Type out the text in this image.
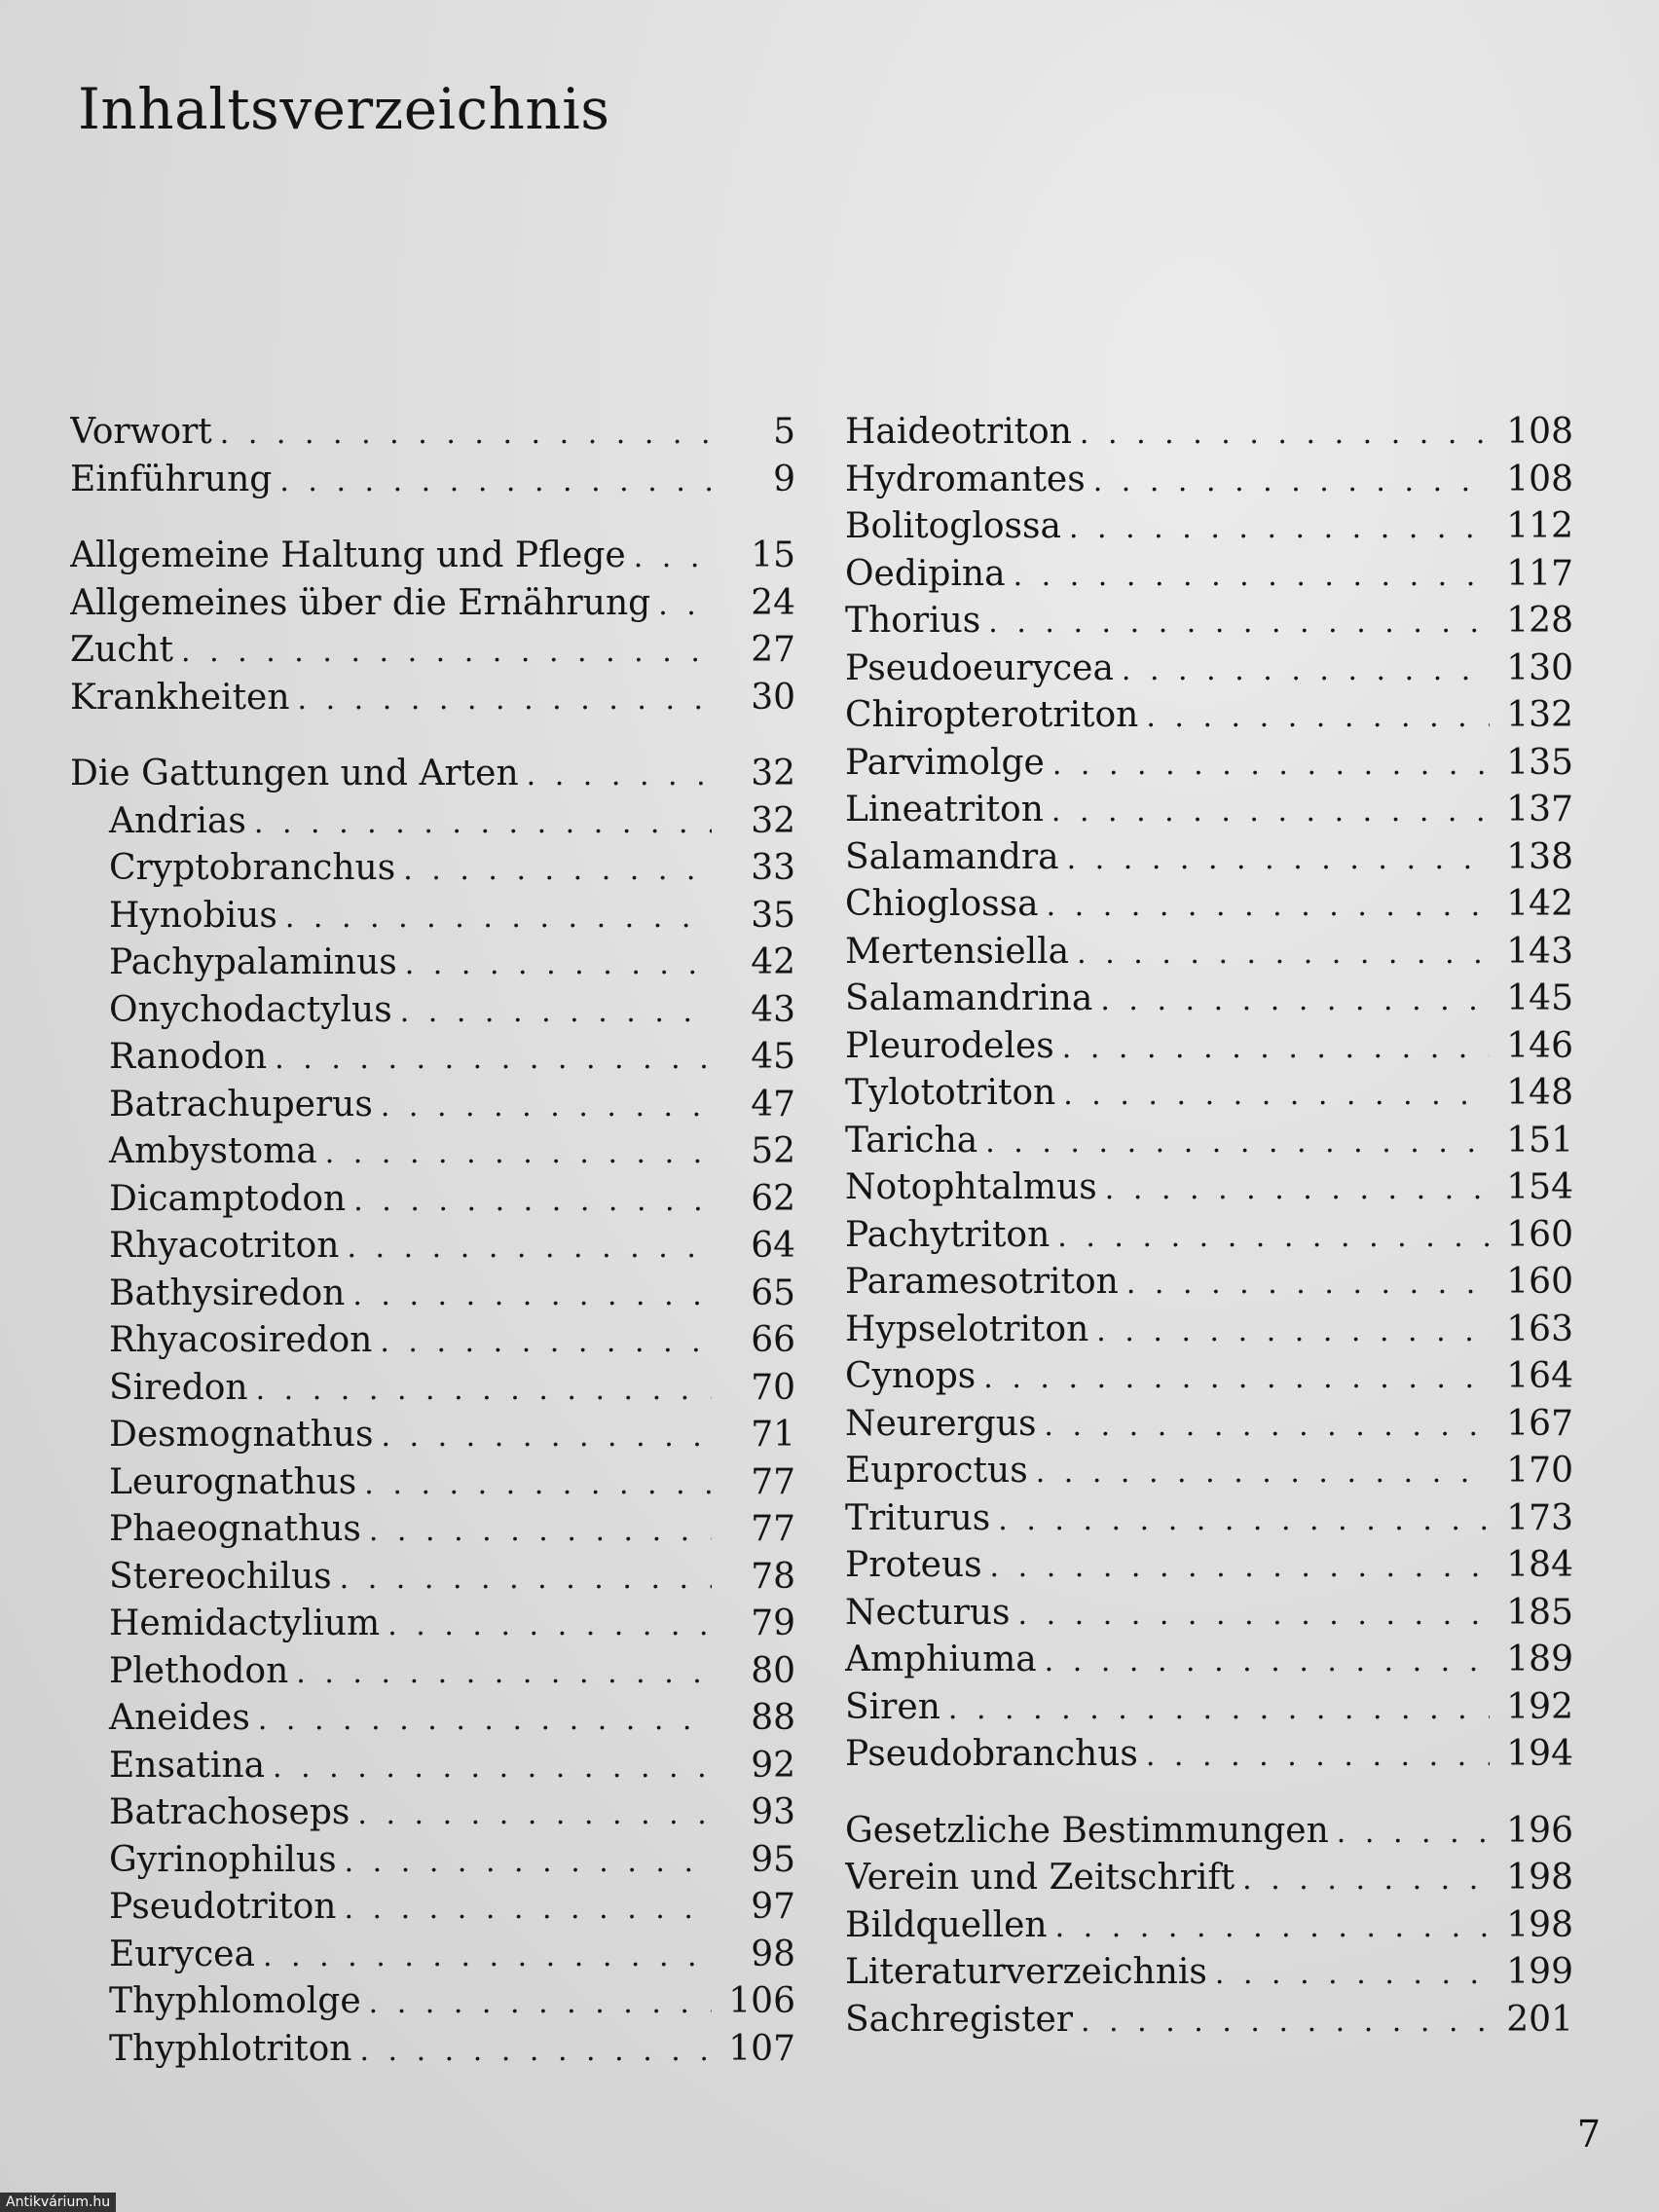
Inhaltsverzeichnis
Vorwort . . .	5
Einführung . . .	9
Allgemeine Haltung und Pflege . . .	15
Allgemeines über die Ernährung . . .	24
Zucht . . .	27
Krankheiten . . .	30
Die Gattungen und Arten . . .	32
Andrias . . .	32
Cryptobranchus . . .	33
Hynobius . . .	35
Pachypalaminus . . .	42
Onychodactylus . . .	43
Ranodon . . .	45
Batrachuperus . . .	47
Ambystoma . . .	52
Dicamptodon . . .	62
Rhyacotriton . . .	64
Bathysiredon . . .	65
Rhyacosiredon . . .	66
Siredon . . .	70
Desmognathus . . .	71
Leurognathus . . .	77
Phaeognathus . . .	77
Stereochilus . . .	78
Hemidactylium . . .	79
Plethodon . . .	80
Aneides . . .	88
Ensatina . . .	92
Batrachoseps . . .	93
Gyrinophilus . . .	95
Pseudotriton . . .	97
Eurycea . . .	98
Thyphlomolge . . .	106
Thyphlotriton . . .	107
Haideotriton . . .	108
Hydromantes . . .	108
Bolitoglossa . . .	112
Oedipina . . .	117
Thorius . . .	128
Pseudoeurycea . . .	130
Chiropterotriton . . .	132
Parvimolge . . .	135
Lineatriton . . .	137
Salamandra . . .	138
Chioglossa . . .	142
Mertensiella . . .	143
Salamandrina . . .	145
Pleurodeles . . .	146
Tylototriton . . .	148
Taricha . . .	151
Notophtalmus . . .	154
Pachytriton . . .	160
Paramesotriton . . .	160
Hypselotriton . . .	163
Cynops . . .	164
Neurergus . . .	167
Euproctus . . .	170
Triturus . . .	173
Proteus . . .	184
Necturus . . .	185
Amphiuma . . .	189
Siren . . .	192
Pseudobranchus . . .	194
Gesetzliche Bestimmungen . . .	196
Verein und Zeitschrift . . .	198
Bildquellen . . .	198
Literaturverzeichnis . . .	199
Sachregister . . .	201
7
Antikvárium.hu
